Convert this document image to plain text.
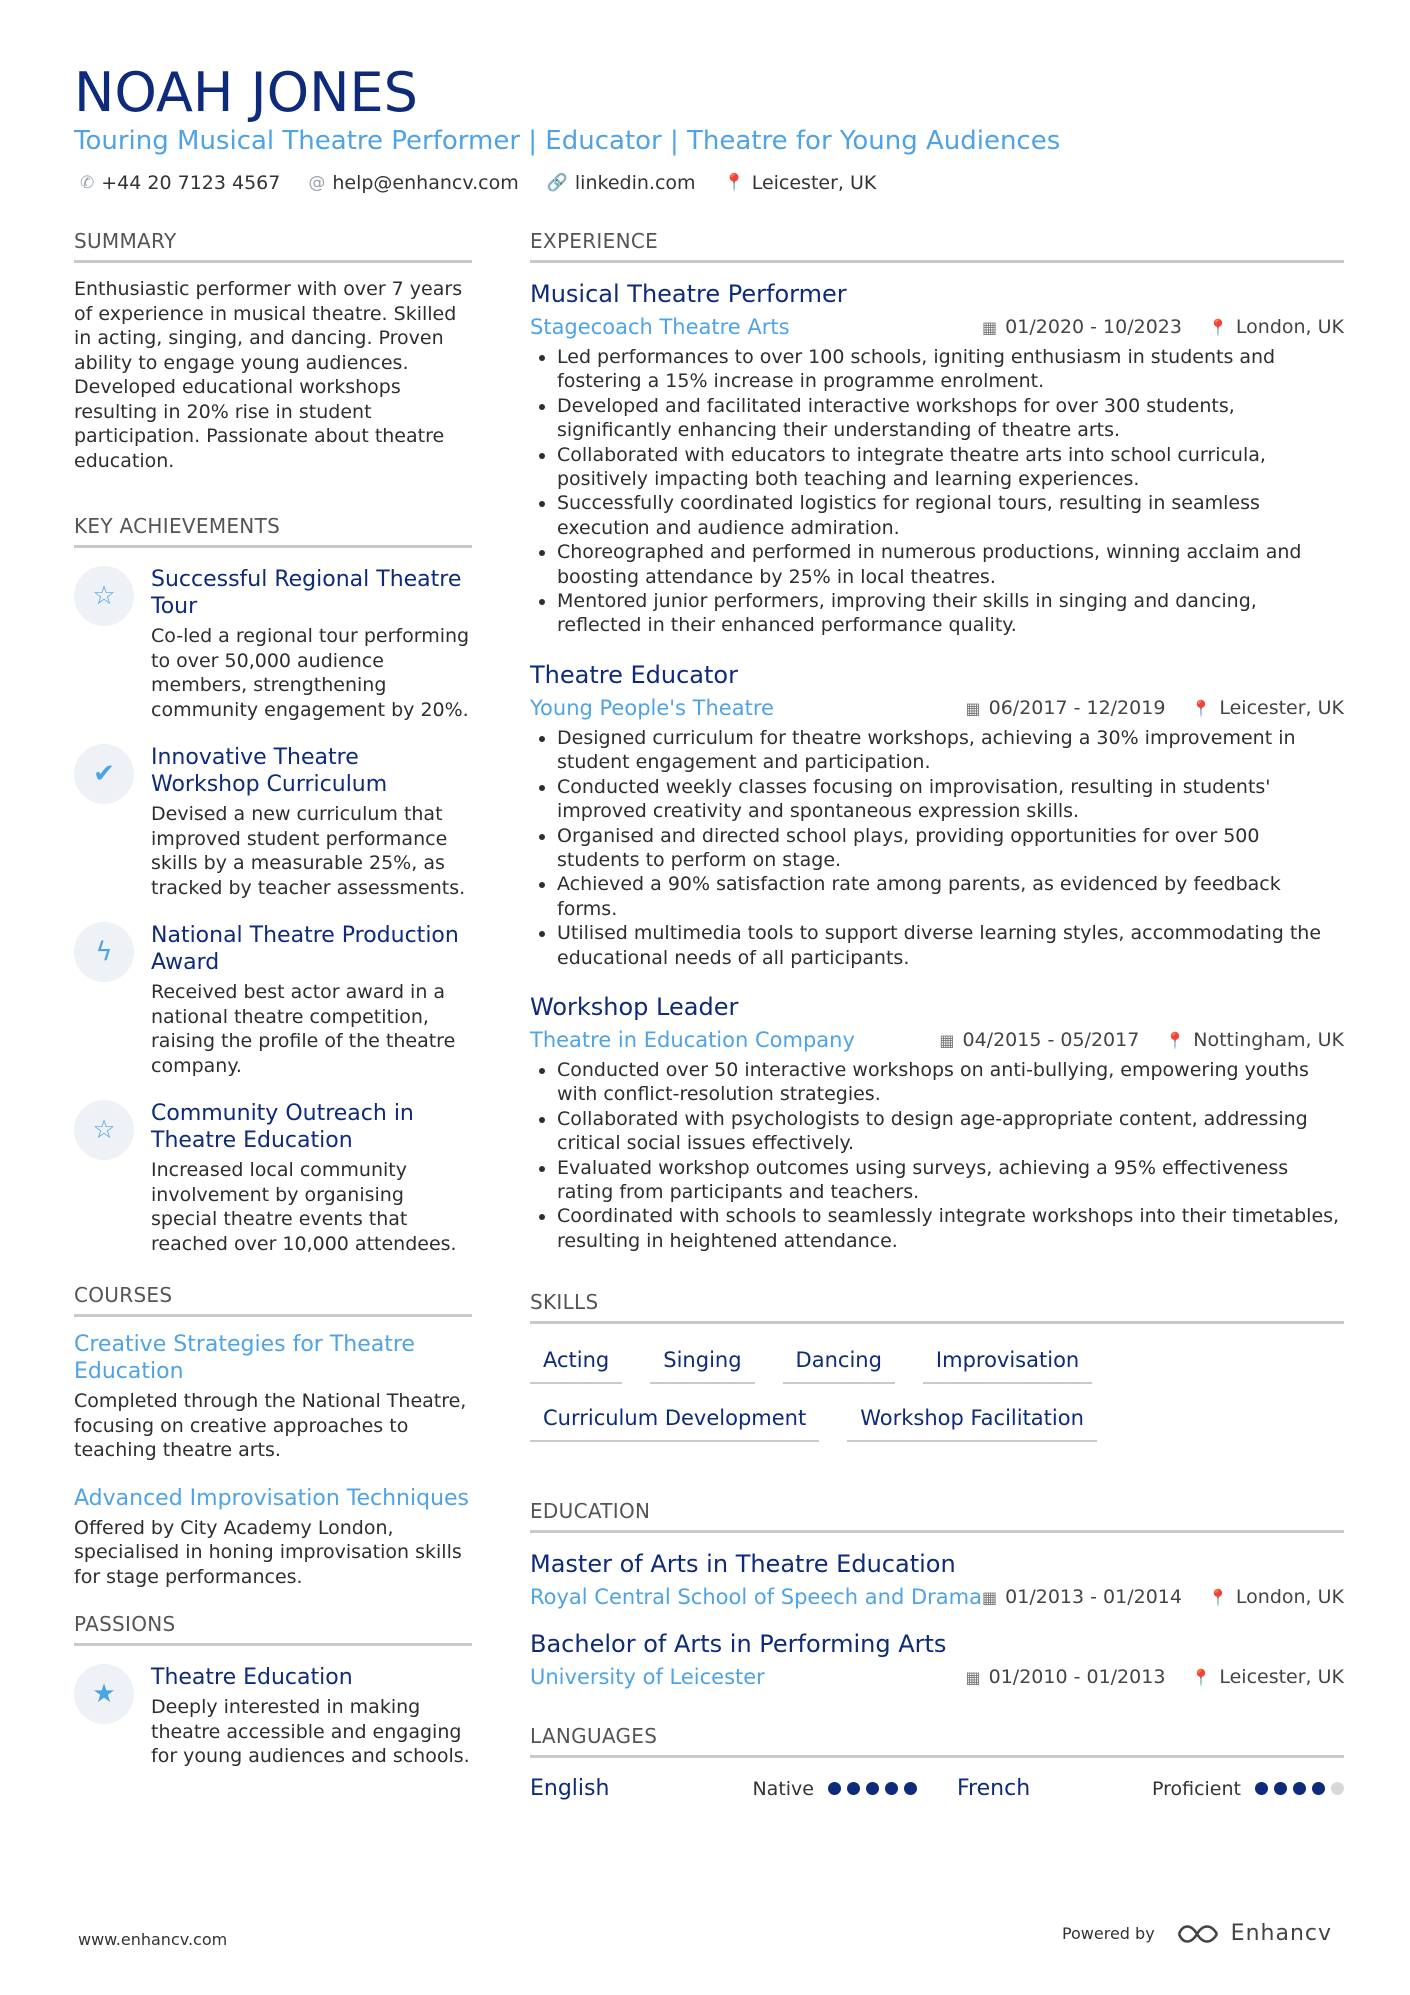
NOAH JONES
Touring Musical Theatre Performer | Educator | Theatre for Young Audiences
✆ +44 20 7123 4567 @ help@enhancv.com 🔗 linkedin.com 📍 Leicester, UK
SUMMARY
Enthusiastic performer with over 7 years of experience in musical theatre. Skilled in acting, singing, and dancing. Proven ability to engage young audiences. Developed educational workshops resulting in 20% rise in student participation. Passionate about theatre education.
KEY ACHIEVEMENTS
☆
Successful Regional Theatre Tour
Co-led a regional tour performing to over 50,000 audience members, strengthening community engagement by 20%.
✔
Innovative Theatre Workshop Curriculum
Devised a new curriculum that improved student performance skills by a measurable 25%, as tracked by teacher assessments.
ϟ
National Theatre Production Award
Received best actor award in a national theatre competition, raising the profile of the theatre company.
☆
Community Outreach in Theatre Education
Increased local community involvement by organising special theatre events that reached over 10,000 attendees.
COURSES
Creative Strategies for Theatre Education
Completed through the National Theatre, focusing on creative approaches to teaching theatre arts.
Advanced Improvisation Techniques
Offered by City Academy London, specialised in honing improvisation skills for stage performances.
PASSIONS
★
Theatre Education
Deeply interested in making theatre accessible and engaging for young audiences and schools.
EXPERIENCE
Musical Theatre Performer
Stagecoach Theatre Arts	▦ 01/2020 - 10/2023 📍 London, UK
• Led performances to over 100 schools, igniting enthusiasm in students and fostering a 15% increase in programme enrolment.
• Developed and facilitated interactive workshops for over 300 students, significantly enhancing their understanding of theatre arts.
• Collaborated with educators to integrate theatre arts into school curricula, positively impacting both teaching and learning experiences.
• Successfully coordinated logistics for regional tours, resulting in seamless execution and audience admiration.
• Choreographed and performed in numerous productions, winning acclaim and boosting attendance by 25% in local theatres.
• Mentored junior performers, improving their skills in singing and dancing, reflected in their enhanced performance quality.
Theatre Educator
Young People's Theatre	▦ 06/2017 - 12/2019 📍 Leicester, UK
• Designed curriculum for theatre workshops, achieving a 30% improvement in student engagement and participation.
• Conducted weekly classes focusing on improvisation, resulting in students' improved creativity and spontaneous expression skills.
• Organised and directed school plays, providing opportunities for over 500 students to perform on stage.
• Achieved a 90% satisfaction rate among parents, as evidenced by feedback forms.
• Utilised multimedia tools to support diverse learning styles, accommodating the educational needs of all participants.
Workshop Leader
Theatre in Education Company	▦ 04/2015 - 05/2017 📍 Nottingham, UK
• Conducted over 50 interactive workshops on anti-bullying, empowering youths with conflict-resolution strategies.
• Collaborated with psychologists to design age-appropriate content, addressing critical social issues effectively.
• Evaluated workshop outcomes using surveys, achieving a 95% effectiveness rating from participants and teachers.
• Coordinated with schools to seamlessly integrate workshops into their timetables, resulting in heightened attendance.
SKILLS
Acting	Singing	Dancing	Improvisation
Curriculum Development	Workshop Facilitation
EDUCATION
Master of Arts in Theatre Education
Royal Central School of Speech and Drama ▦ 01/2013 - 01/2014 📍 London, UK
Bachelor of Arts in Performing Arts
University of Leicester	▦ 01/2010 - 01/2013 📍 Leicester, UK
LANGUAGES
English	Native	French	Proficient
www.enhancv.com	Powered by	Enhancv
